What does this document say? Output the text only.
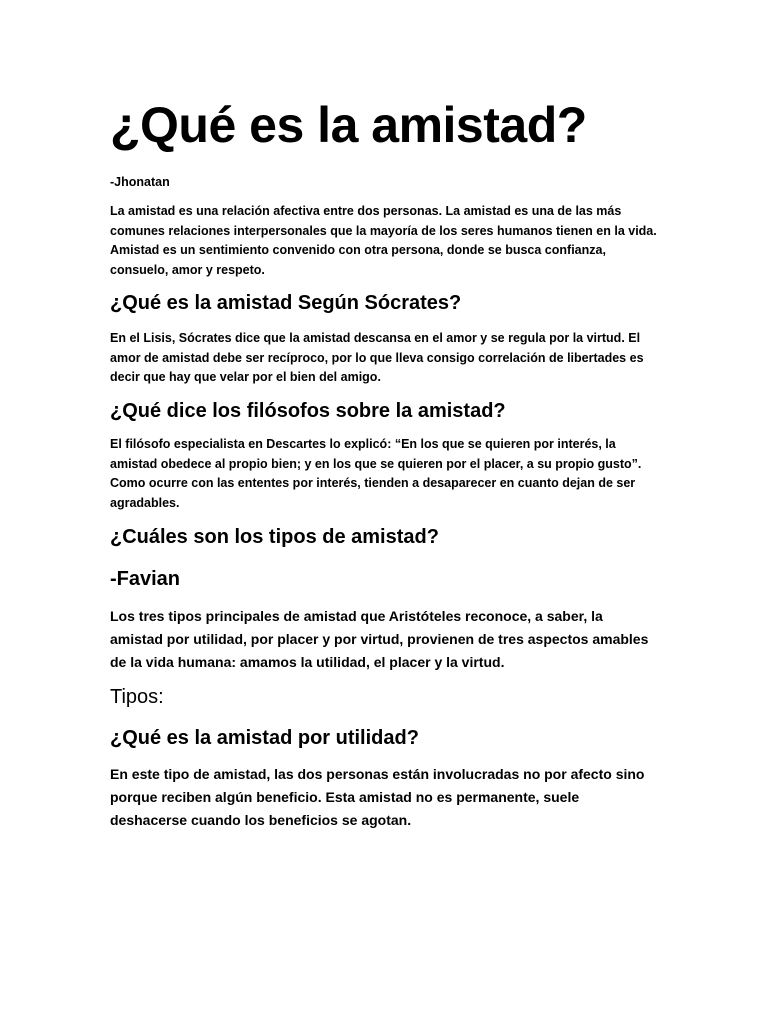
¿Qué es la amistad?

-Jhonatan

La amistad es una relación afectiva entre dos personas. La amistad es una de las más comunes relaciones interpersonales que la mayoría de los seres humanos tienen en la vida. Amistad es un sentimiento convenido con otra persona, donde se busca confianza, consuelo, amor y respeto.

¿Qué es la amistad Según Sócrates?

En el Lisis, Sócrates dice que la amistad descansa en el amor y se regula por la virtud. El amor de amistad debe ser recíproco, por lo que lleva consigo correlación de libertades es decir que hay que velar por el bien del amigo.

¿Qué dice los filósofos sobre la amistad?

El filósofo especialista en Descartes lo explicó: “En los que se quieren por interés, la amistad obedece al propio bien; y en los que se quieren por el placer, a su propio gusto”. Como ocurre con las ententes por interés, tienden a desaparecer en cuanto dejan de ser agradables.

¿Cuáles son los tipos de amistad?
-Favian

Los tres tipos principales de amistad que Aristóteles reconoce, a saber, la amistad por utilidad, por placer y por virtud, provienen de tres aspectos amables de la vida humana: amamos la utilidad, el placer y la virtud.

Tipos:

¿Qué es la amistad por utilidad?

En este tipo de amistad, las dos personas están involucradas no por afecto sino porque reciben algún beneficio. Esta amistad no es permanente, suele deshacerse cuando los beneficios se agotan.
